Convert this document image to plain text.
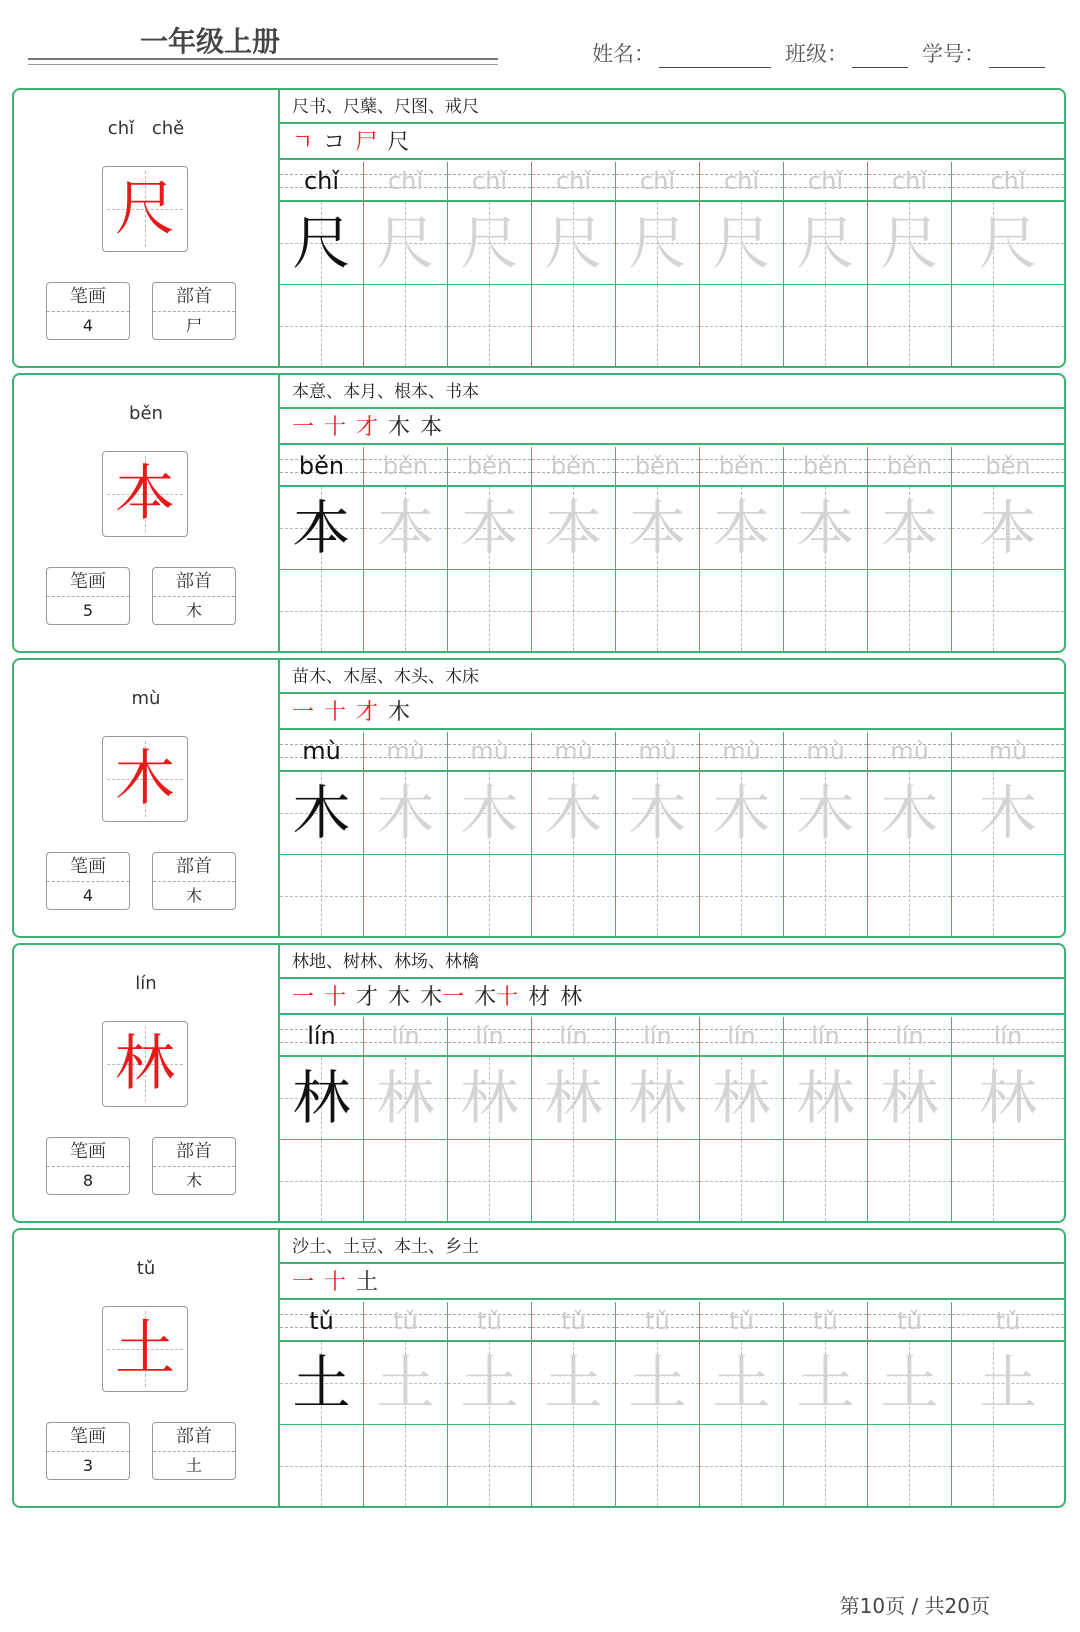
一年级上册	姓名：	班级：	学号：
chǐ chě
尺
笔画
4
部首
尸
尺书、尺蘖、尺图、戒尺
ㄱ コ 尸 尺
chǐ	chǐ	chǐ	chǐ	chǐ	chǐ	chǐ	chǐ	chǐ
尺 尺 尺 尺 尺 尺 尺 尺 尺
běn
本
笔画
5
部首
木
本意、本月、根本、书本
一 十 才 木 本
běn	běn	běn	běn	běn	běn	běn	běn	běn
本 本 本 本 本 本 本 本 本
mù
木
笔画
4
部首
木
苗木、木屋、木头、木床
一 十 才 木
mù	mù	mù	mù	mù	mù	mù	mù	mù
木 木 木 木 木 木 木 木 木
lín
林
笔画
8
部首
木
林地、树林、林场、林檎
一 十 才 木 木一 木十 材 林
lín	lín	lín	lín	lín	lín	lín	lín	lín
林 林 林 林 林 林 林 林 林
tǔ
土
笔画
3
部首
土
沙土、土豆、本土、乡土
一 十 土
tǔ	tǔ	tǔ	tǔ	tǔ	tǔ	tǔ	tǔ	tǔ
土 土 土 土 土 土 土 土 土
第10页 / 共20页
